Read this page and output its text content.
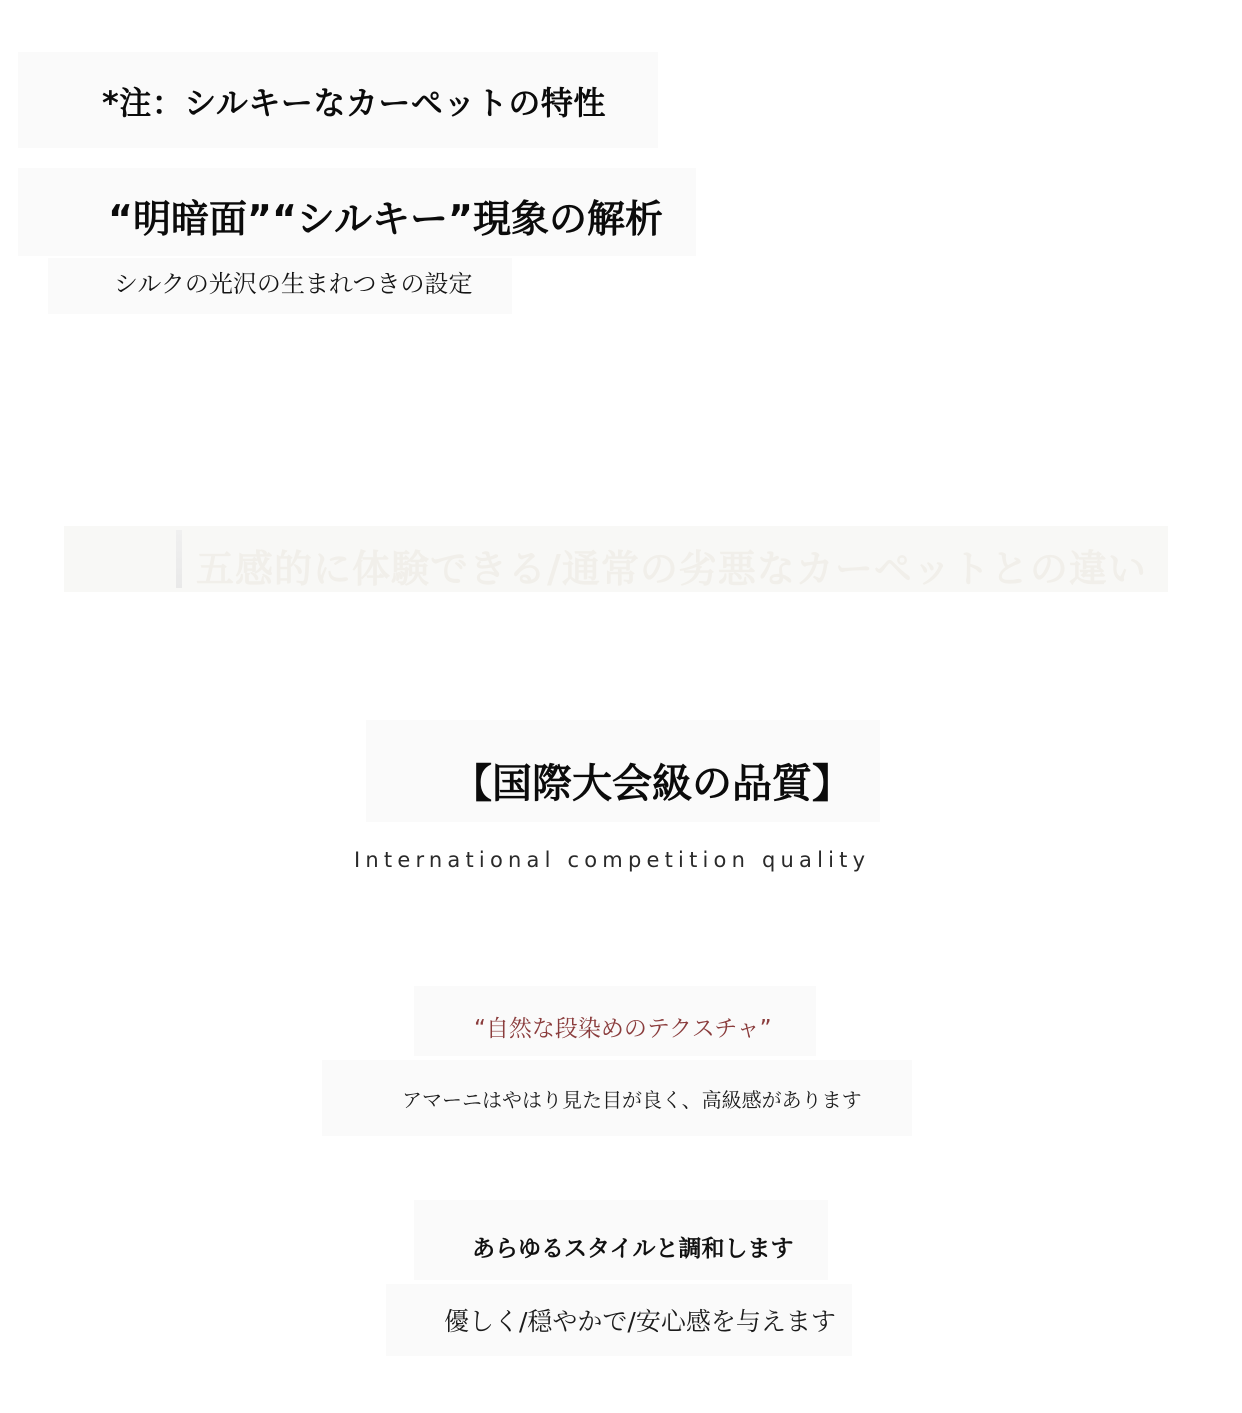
*注：シルキーなカーペットの特性
“明暗面”“シルキー”現象の解析

シルクの光沢の生まれつきの設定

五感的に体験できる/通常の劣悪なカーペットとの違い

【国際大会級の品質】

International competition quality

“自然な段染めのテクスチャ”

アマーニはやはり見た目が良く、高級感があります

あらゆるスタイルと調和します

優しく/穏やかで/安心感を与えます
